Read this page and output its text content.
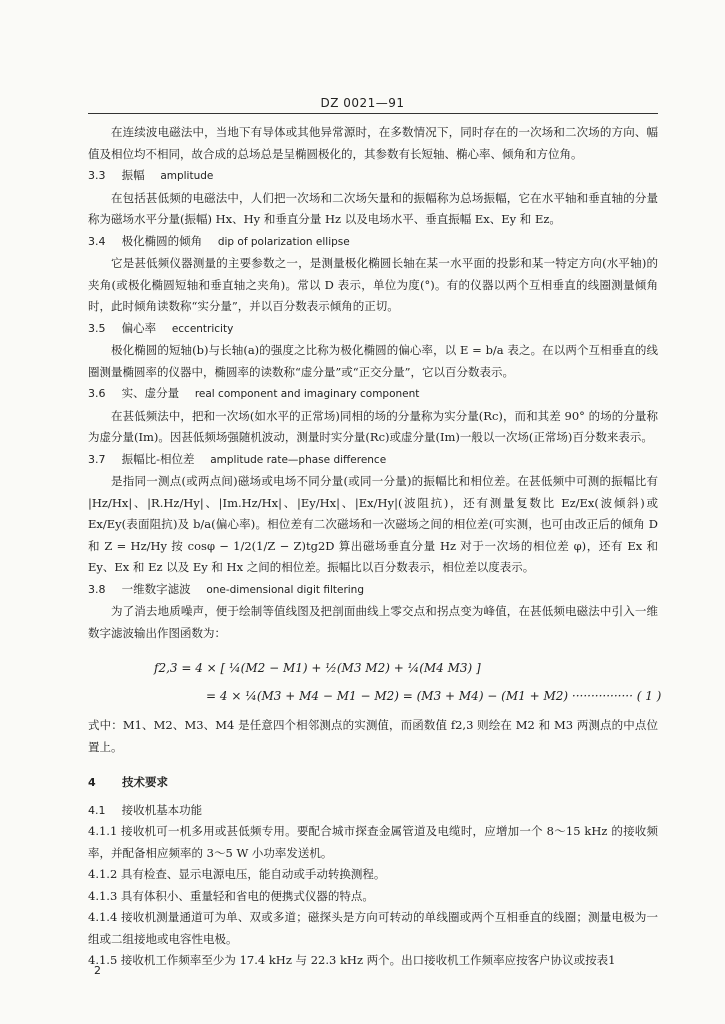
DZ 0021—91

在连续波电磁法中，当地下有导体或其他异常源时，在多数情况下，同时存在的一次场和二次场的方向、幅值及相位均不相同，故合成的总场总是呈椭圆极化的，其参数有长短轴、椭心率、倾角和方位角。

3.3 振幅 amplitude

在包括甚低频的电磁法中，人们把一次场和二次场矢量和的振幅称为总场振幅，它在水平轴和垂直轴的分量称为磁场水平分量(振幅) Hx、Hy 和垂直分量 Hz 以及电场水平、垂直振幅 Ex、Ey 和 Ez。

3.4 极化椭圆的倾角 dip of polarization ellipse

它是甚低频仪器测量的主要参数之一，是测量极化椭圆长轴在某一水平面的投影和某一特定方向(水平轴)的夹角(或极化椭圆短轴和垂直轴之夹角)。常以 D 表示，单位为度(°)。有的仪器以两个互相垂直的线圈测量倾角时，此时倾角读数称“实分量”，并以百分数表示倾角的正切。

3.5 偏心率 eccentricity

极化椭圆的短轴(b)与长轴(a)的强度之比称为极化椭圆的偏心率，以 E = b/a 表之。在以两个互相垂直的线圈测量椭圆率的仪器中，椭圆率的读数称“虚分量”或“正交分量”，它以百分数表示。

3.6 实、虚分量 real component and imaginary component

在甚低频法中，把和一次场(如水平的正常场)同相的场的分量称为实分量(Rc)，而和其差 90° 的场的分量称为虚分量(Im)。因甚低频场强随机波动，测量时实分量(Rc)或虚分量(Im)一般以一次场(正常场)百分数来表示。

3.7 振幅比-相位差 amplitude rate—phase difference

是指同一测点(或两点间)磁场或电场不同分量(或同一分量)的振幅比和相位差。在甚低频中可测的振幅比有 |Hz/Hx|、|R.Hz/Hy|、|Im.Hz/Hx|、|Ey/Hx|、|Ex/Hy|(波阻抗)，还有测量复数比 Ez/Ex(波倾斜)或 Ex/Ey(表面阻抗)及 b/a(偏心率)。相位差有二次磁场和一次磁场之间的相位差(可实测，也可由改正后的倾角 D 和 Z = Hz/Hy 按 cosφ − 1/2(1/Z − Z)tg2D 算出磁场垂直分量 Hz 对于一次场的相位差 φ)，还有 Ex 和 Ey、Ex 和 Ez 以及 Ey 和 Hx 之间的相位差。振幅比以百分数表示，相位差以度表示。

3.8 一维数字滤波 one-dimensional digit filtering

为了消去地质噪声，便于绘制等值线图及把剖面曲线上零交点和拐点变为峰值，在甚低频电磁法中引入一维数字滤波输出作图函数为：

f2,3 = 4 × [ ¼(M2 − M1) + ½(M3 M2) + ¼(M4 M3) ]
= 4 × ¼(M3 + M4 − M1 − M2) = (M3 + M4) − (M1 + M2) ················ ( 1 )

式中：M1、M2、M3、M4 是任意四个相邻测点的实测值，而函数值 f2,3 则绘在 M2 和 M3 两测点的中点位置上。

4 技术要求
4.1 接收机基本功能

4.1.1 接收机可一机多用或甚低频专用。要配合城市探查金属管道及电缆时，应增加一个 8～15 kHz 的接收频率，并配备相应频率的 3～5 W 小功率发送机。

4.1.2 具有检查、显示电源电压，能自动或手动转换测程。

4.1.3 具有体积小、重量轻和省电的便携式仪器的特点。

4.1.4 接收机测量通道可为单、双或多道；磁探头是方向可转动的单线圈或两个互相垂直的线圈；测量电极为一组或二组接地或电容性电极。

4.1.5 接收机工作频率至少为 17.4 kHz 与 22.3 kHz 两个。出口接收机工作频率应按客户协议或按表1

2
